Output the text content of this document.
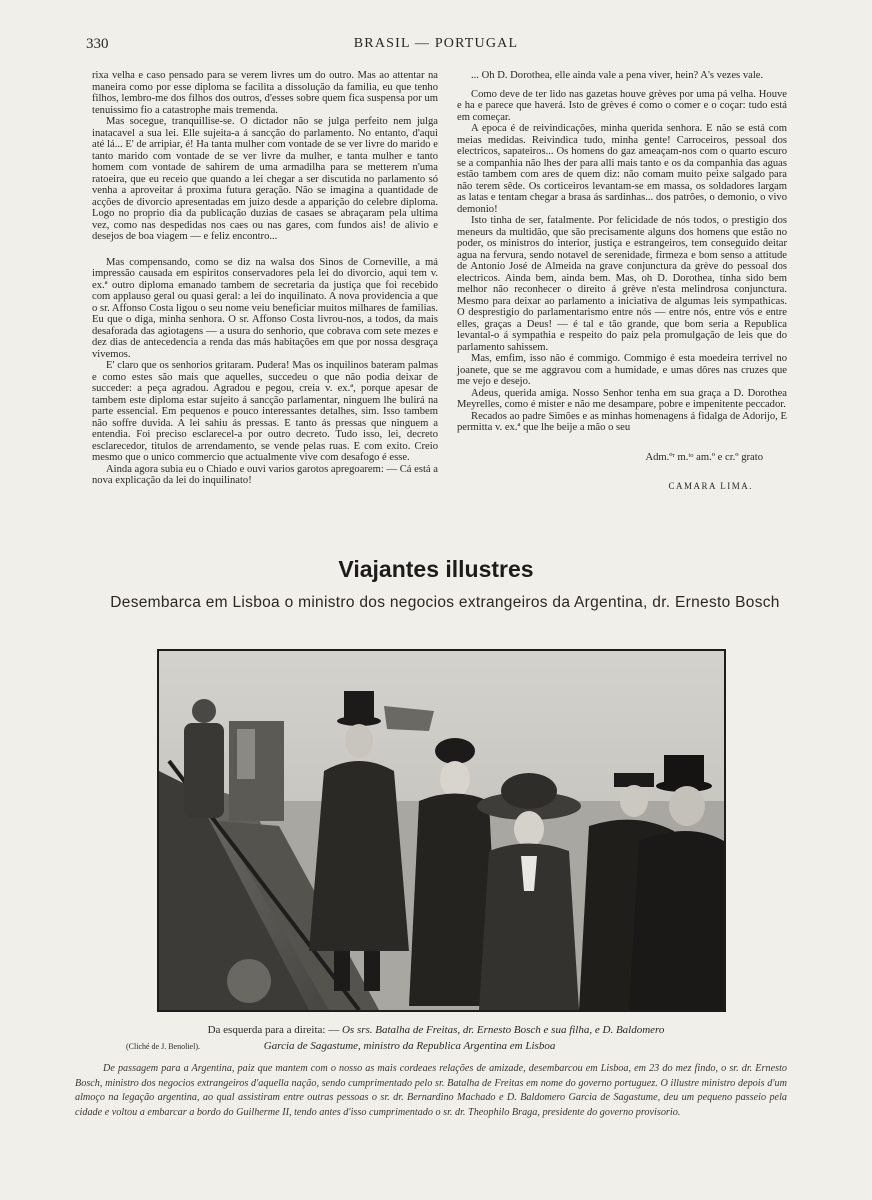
330	BRASIL — PORTUGAL

rixa velha e caso pensado para se verem livres um do outro. Mas ao attentar na maneira como por esse diploma se facilita a dissolução da familia, eu que tenho filhos, lembro-me dos filhos dos outros, d'esses sobre quem fica suspensa por um tenuissimo fio a catastrophe mais tremenda.

Mas socegue, tranquillise-se. O dictador não se julga perfeito nem julga inatacavel a sua lei. Elle sujeita-a á sancção do parlamento. No entanto, d'aqui até lá... E' de arripiar, é! Ha tanta mulher com vontade de se ver livre do marido e tanto marido com vontade de se ver livre da mulher, e tanta mulher e tanto homem com vontade de sahirem de uma armadilha para se metterem n'uma ratoeira, que eu receio que quando a lei chegar a ser discutida no parlamento só venha a aproveitar á proxima futura geração. Não se imagina a quantidade de acções de divorcio apresentadas em juizo desde a apparição do celebre diploma. Logo no proprio dia da publicação duzias de casaes se abraçaram pela ultima vez, como nas despedidas nos caes ou nas gares, com fundos ais! de alivio e desejos de boa viagem — e feliz encontro...

Mas compensando, como se diz na walsa dos Sinos de Corneville, a má impressão causada em espiritos conservadores pela lei do divorcio, aqui tem v. ex.ª outro diploma emanado tambem de secretaria da justiça que foi recebido com applauso geral ou quasi geral: a lei do inquilinato. A nova providencia a que o sr. Affonso Costa ligou o seu nome veiu beneficiar muitos milhares de familias. Eu que o diga, minha senhora. O sr. Affonso Costa livrou-nos, a todos, da mais desaforada das agiotagens — a usura do senhorio, que cobrava com sete mezes e dez dias de antecedencia a renda das más habitações em que por nossa desgraça vivemos.

E' claro que os senhorios gritaram. Pudera! Mas os inquilinos bateram palmas e como estes são mais que aquelles, succedeu o que não podia deixar de succeder: a peça agradou. Agradou e pegou, creia v. ex.ª, porque apesar de tambem este diploma estar sujeito á sancção parlamentar, ninguem lhe bulirá na parte essencial. Em pequenos e pouco interessantes detalhes, sim. Isso tambem não soffre duvida. A lei sahiu ás pressas. E tanto ás pressas que ninguem a entendia. Foi preciso esclarecel-a por outro decreto. Tudo isso, lei, decreto esclarecedor, titulos de arrendamento, se vende pelas ruas. E com exito. Creio mesmo que o unico commercio que actualmente vive com desafogo é esse.

Ainda agora subia eu o Chiado e ouvi varios garotos apregoarem: — Cá está a nova explicação da lei do inquilinato!

... Oh D. Dorothea, elle ainda vale a pena viver, hein? A's vezes vale.

Como deve de ter lido nas gazetas houve grèves por uma pá velha. Houve e ha e parece que haverá. Isto de grèves é como o comer e o coçar: tudo está em começar.

A epoca é de reivindicações, minha querida senhora. E não se está com meias medidas. Reivindica tudo, minha gente! Carroceiros, pessoal dos electricos, sapateiros... Os homens do gaz ameaçam-nos com o quarto escuro se a companhia não lhes der para alli mais tanto e os da companhia das aguas estão tambem com ares de quem diz: não comam muito peixe salgado para não terem sêde. Os corticeiros levantam-se em massa, os soldadores largam as latas e tentam chegar a brasa ás sardinhas... dos patrões, o demonio, o vivo demonio!

Isto tinha de ser, fatalmente. Por felicidade de nós todos, o prestigio dos meneurs da multidão, que são precisamente alguns dos homens que estão no poder, os ministros do interior, justiça e estrangeiros, tem conseguido deitar agua na fervura, sendo notavel de serenidade, firmeza e bom senso a attitude de Antonio José de Almeida na grave conjunctura da grève do pessoal dos electricos. Ainda bem, ainda bem. Mas, oh D. Dorothea, tinha sido bem melhor não reconhecer o direito á grève n'esta melindrosa conjunctura. Mesmo para deixar ao parlamento a iniciativa de algumas leis sympathicas. O desprestigio do parlamentarismo entre nós — entre nós, entre vós e entre elles, graças a Deus! — é tal e tão grande, que bom seria a Republica levantal-o á sympathia e respeito do paiz pela promulgação de leis que do parlamento sahissem.

Mas, emfim, isso não é commigo. Commigo é esta moedeira terrivel no joanete, que se me aggravou com a humidade, e umas dôres nas cruzes que me vejo e desejo.

Adeus, querida amiga. Nosso Senhor tenha em sua graça a D. Dorothea Meyrelles, como é mister e não me desampare, pobre e impenitente peccador.

Recados ao padre Simões e as minhas homenagens á fidalga de Adorijo, E permitta v. ex.ª que lhe beije a mão o seu

Adm.ºʳ m.ᵗᵒ am.º e cr.º grato

CAMARA LIMA.

Viajantes illustres
Desembarca em Lisboa o ministro dos negocios extrangeiros da Argentina, dr. Ernesto Bosch
Da esquerda para a direita: — Os srs. Batalha de Freitas, dr. Ernesto Bosch e sua filha, e D. Baldomero
(Cliché de J. Benoliel).	Garcia de Sagastume, ministro da Republica Argentina em Lisboa

De passagem para a Argentina, paiz que mantem com o nosso as mais cordeaes relações de amizade, desembarcou em Lisboa, em 23 do mez findo, o sr. dr. Ernesto Bosch, ministro dos negocios extrangeiros d'aquella nação, sendo cumprimentado pelo sr. Batalha de Freitas em nome do governo portuguez. O illustre ministro depois d'um almoço na legação argentina, ao qual assistiram entre outras pessoas o sr. dr. Bernardino Machado e D. Baldomero Garcia de Sagastume, deu um pequeno passeio pela cidade e voltou a embarcar a bordo do Guilherme II, tendo antes d'isso cumprimentado o sr. dr. Theophilo Braga, presidente do governo provisorio.
